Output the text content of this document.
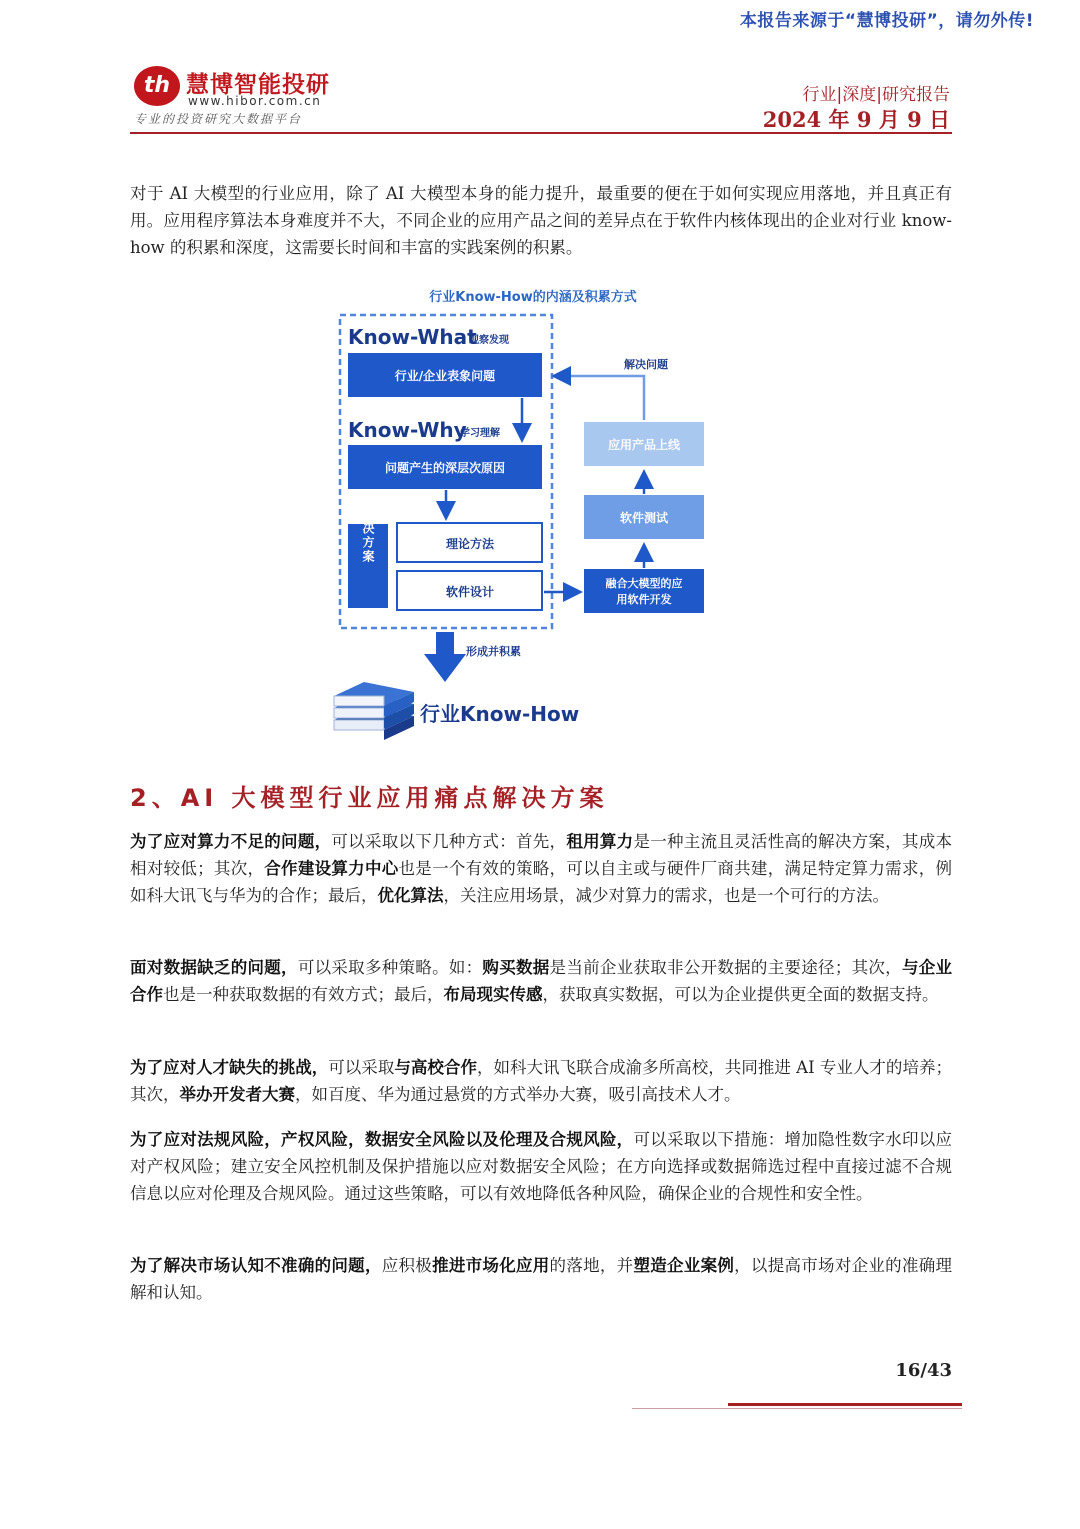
本报告来源于“慧博投研”，请勿外传!
th 慧博智能投研
www.hibor.com.cn
专业的投资研究大数据平台
行业|深度|研究报告
2024 年 9 月 9 日

对于 AI 大模型的行业应用，除了 AI 大模型本身的能力提升，最重要的便在于如何实现应用落地，并且真正有用。应用程序算法本身难度并不大，不同企业的应用产品之间的差异点在于软件内核体现出的企业对行业 know-how 的积累和深度，这需要长时间和丰富的实践案例的积累。

行业Know-How的内涵及积累方式
Know-What
观察发现
行业/企业表象问题
Know-Why
学习理解
问题产生的深层次原因
解决方案	理论方法
软件设计
解决问题
应用产品上线
软件测试
融合大模型的应
用软件开发
形成并积累
行业Know-How
2、AI 大模型行业应用痛点解决方案

为了应对算力不足的问题，可以采取以下几种方式：首先，租用算力是一种主流且灵活性高的解决方案，其成本相对较低；其次，合作建设算力中心也是一个有效的策略，可以自主或与硬件厂商共建，满足特定算力需求，例如科大讯飞与华为的合作；最后，优化算法，关注应用场景，减少对算力的需求，也是一个可行的方法。

面对数据缺乏的问题，可以采取多种策略。如：购买数据是当前企业获取非公开数据的主要途径；其次，与企业合作也是一种获取数据的有效方式；最后，布局现实传感，获取真实数据，可以为企业提供更全面的数据支持。

为了应对人才缺失的挑战，可以采取与高校合作，如科大讯飞联合成渝多所高校，共同推进 AI 专业人才的培养；其次，举办开发者大赛，如百度、华为通过悬赏的方式举办大赛，吸引高技术人才。

为了应对法规风险，产权风险，数据安全风险以及伦理及合规风险，可以采取以下措施：增加隐性数字水印以应对产权风险；建立安全风控机制及保护措施以应对数据安全风险；在方向选择或数据筛选过程中直接过滤不合规信息以应对伦理及合规风险。通过这些策略，可以有效地降低各种风险，确保企业的合规性和安全性。

为了解决市场认知不准确的问题，应积极推进市场化应用的落地，并塑造企业案例，以提高市场对企业的准确理解和认知。

16/43
